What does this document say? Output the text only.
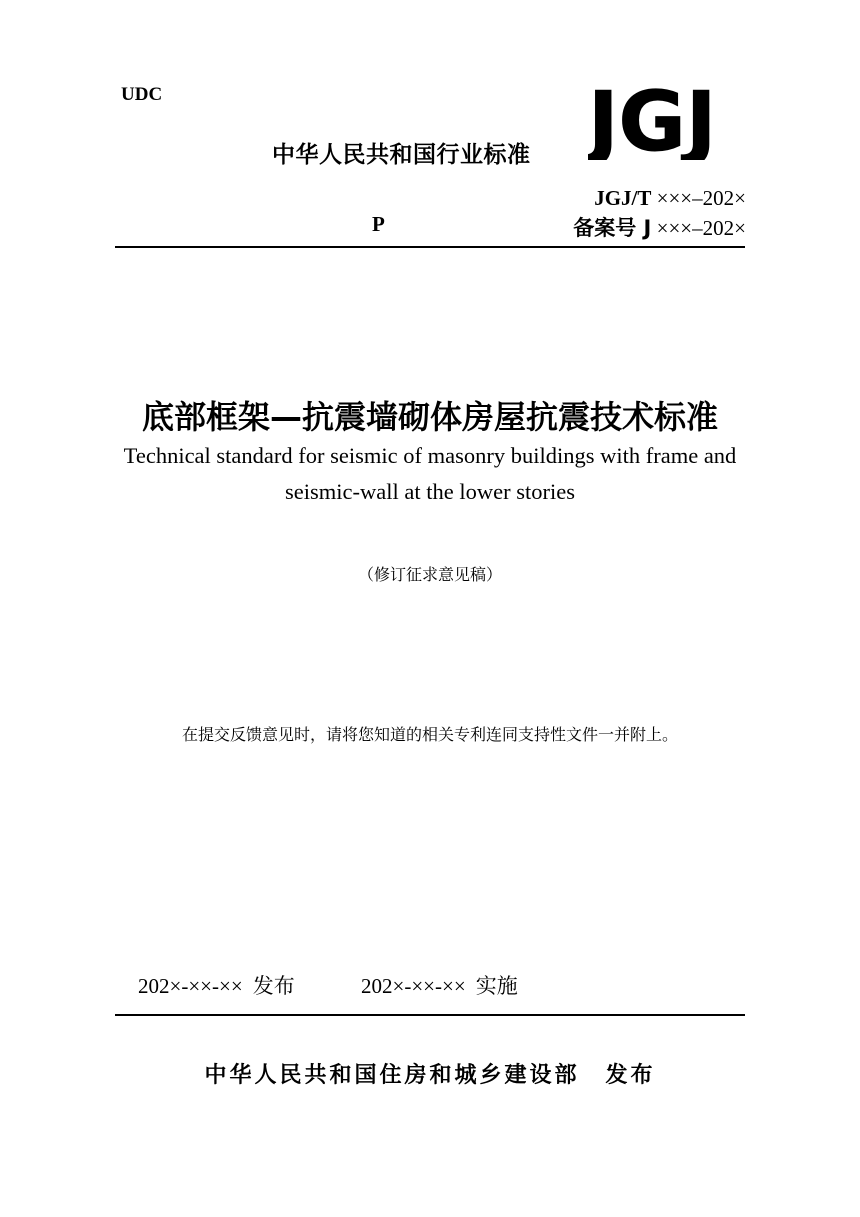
UDC
中华人民共和国行业标准 JGJ
JGJ/T ×××–202×
P	备案号 J ×××–202×
底部框架—抗震墙砌体房屋抗震技术标准
Technical standard for seismic of masonry buildings with frame and seismic-wall at the lower stories
（修订征求意见稿）
在提交反馈意见时，请将您知道的相关专利连同支持性文件一并附上。
202×-××-×× 发布	202×-××-×× 实施
中华人民共和国住房和城乡建设部 发布
